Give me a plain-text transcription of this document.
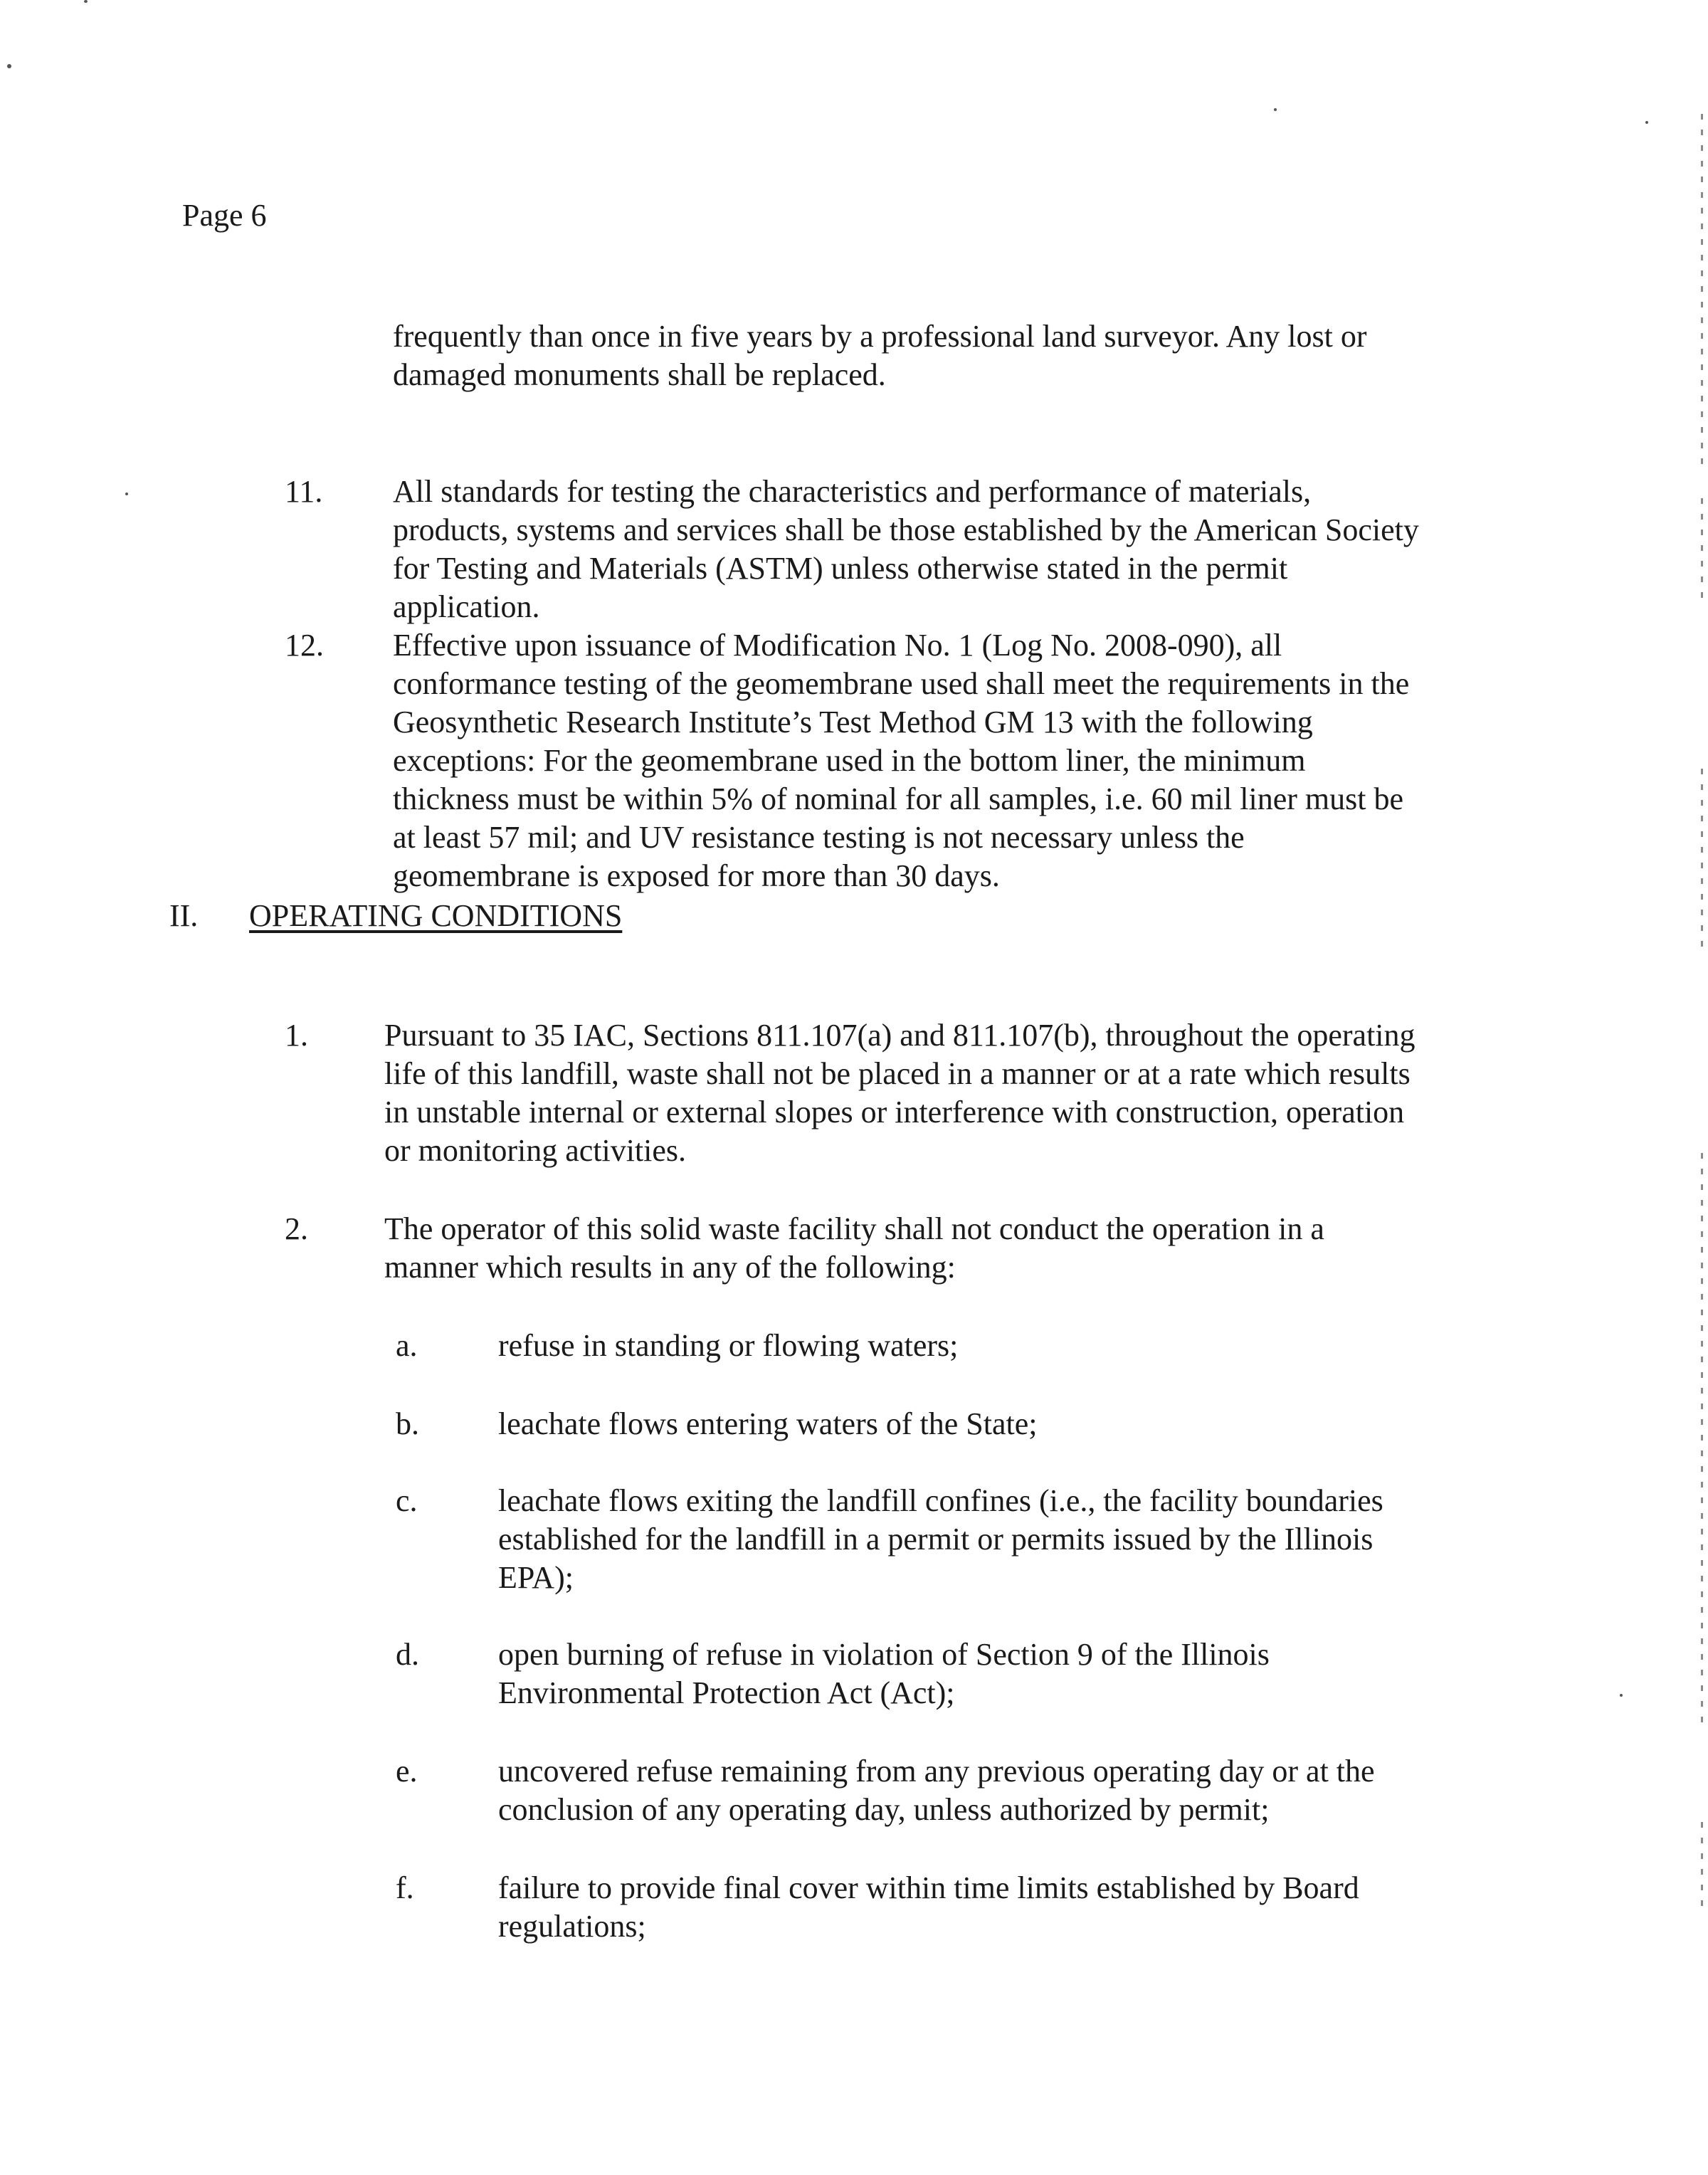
Page 6
frequently than once in five years by a professional land surveyor. Any lost or
damaged monuments shall be replaced.
11. All standards for testing the characteristics and performance of materials,
products, systems and services shall be those established by the American Society
for Testing and Materials (ASTM) unless otherwise stated in the permit
application.
12. Effective upon issuance of Modification No. 1 (Log No. 2008-090), all
conformance testing of the geomembrane used shall meet the requirements in the
Geosynthetic Research Institute’s Test Method GM 13 with the following
exceptions: For the geomembrane used in the bottom liner, the minimum
thickness must be within 5% of nominal for all samples, i.e. 60 mil liner must be
at least 57 mil; and UV resistance testing is not necessary unless the
geomembrane is exposed for more than 30 days.
II. OPERATING CONDITIONS
1. Pursuant to 35 IAC, Sections 811.107(a) and 811.107(b), throughout the operating
life of this landfill, waste shall not be placed in a manner or at a rate which results
in unstable internal or external slopes or interference with construction, operation
or monitoring activities.
2. The operator of this solid waste facility shall not conduct the operation in a
manner which results in any of the following:
a.	refuse in standing or flowing waters;
b.	leachate flows entering waters of the State;
c.	leachate flows exiting the landfill confines (i.e., the facility boundaries
established for the landfill in a permit or permits issued by the Illinois
EPA);
d.	open burning of refuse in violation of Section 9 of the Illinois
Environmental Protection Act (Act);
e.	uncovered refuse remaining from any previous operating day or at the
conclusion of any operating day, unless authorized by permit;
f.	failure to provide final cover within time limits established by Board
regulations;
